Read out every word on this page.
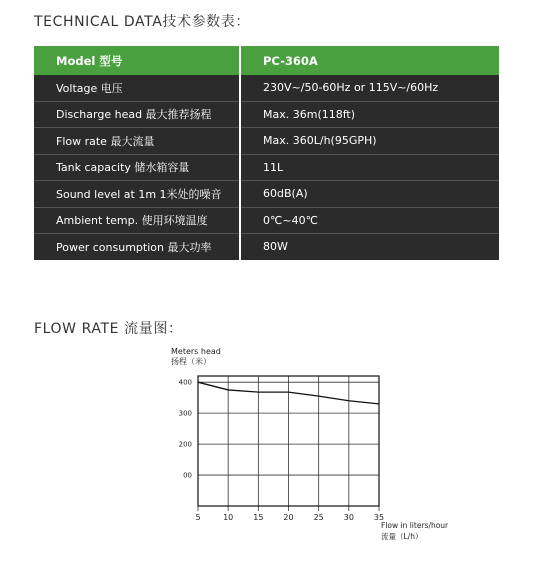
TECHNICAL DATA技术参数表：
Model 型号	PC-360A
Voltage 电压	230V~/50-60Hz or 115V~/60Hz
Discharge head 最大推荐扬程	Max. 36m(118ft)
Flow rate 最大流量	Max. 360L/h(95GPH)
Tank capacity 储水箱容量	11L
Sound level at 1m 1米处的噪音	60dB(A)
Ambient temp. 使用环境温度	0℃~40℃
Power consumption 最大功率	80W
FLOW RATE 流量图：
Meters head
扬程（米）
400
300
200
00
5	10 15 20 25 30 35
Flow in liters/hour
流量（L/h）
